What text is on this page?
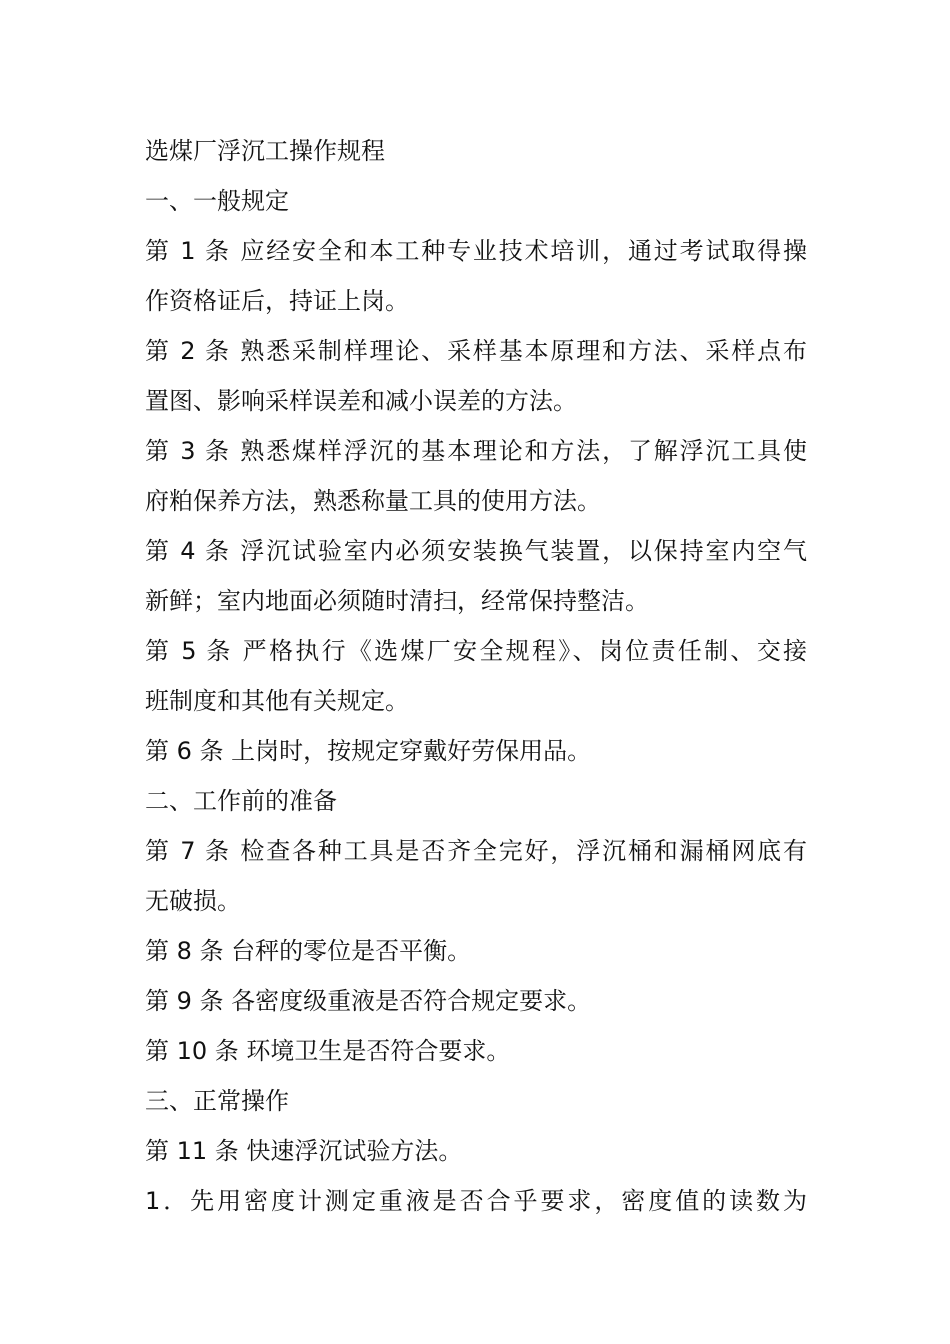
选煤厂浮沉工操作规程
一、一般规定
第 1 条 应经安全和本工种专业技术培训，通过考试取得操
作资格证后，持证上岗。
第 2 条 熟悉采制样理论、采样基本原理和方法、采样点布
置图、影响采样误差和减小误差的方法。
第 3 条 熟悉煤样浮沉的基本理论和方法，了解浮沉工具使
府粕保养方法，熟悉称量工具的使用方法。
第 4 条 浮沉试验室内必须安装换气装置，以保持室内空气
新鲜；室内地面必须随时清扫，经常保持整洁。
第 5 条 严格执行《选煤厂安全规程》、岗位责任制、交接
班制度和其他有关规定。
第 6 条 上岗时，按规定穿戴好劳保用品。
二、工作前的准备
第 7 条 检查各种工具是否齐全完好，浮沉桶和漏桶网底有
无破损。
第 8 条 台秤的零位是否平衡。
第 9 条 各密度级重液是否符合规定要求。
第 10 条 环境卫生是否符合要求。
三、正常操作
第 11 条 快速浮沉试验方法。
1．先用密度计测定重液是否合乎要求，密度值的读数为
